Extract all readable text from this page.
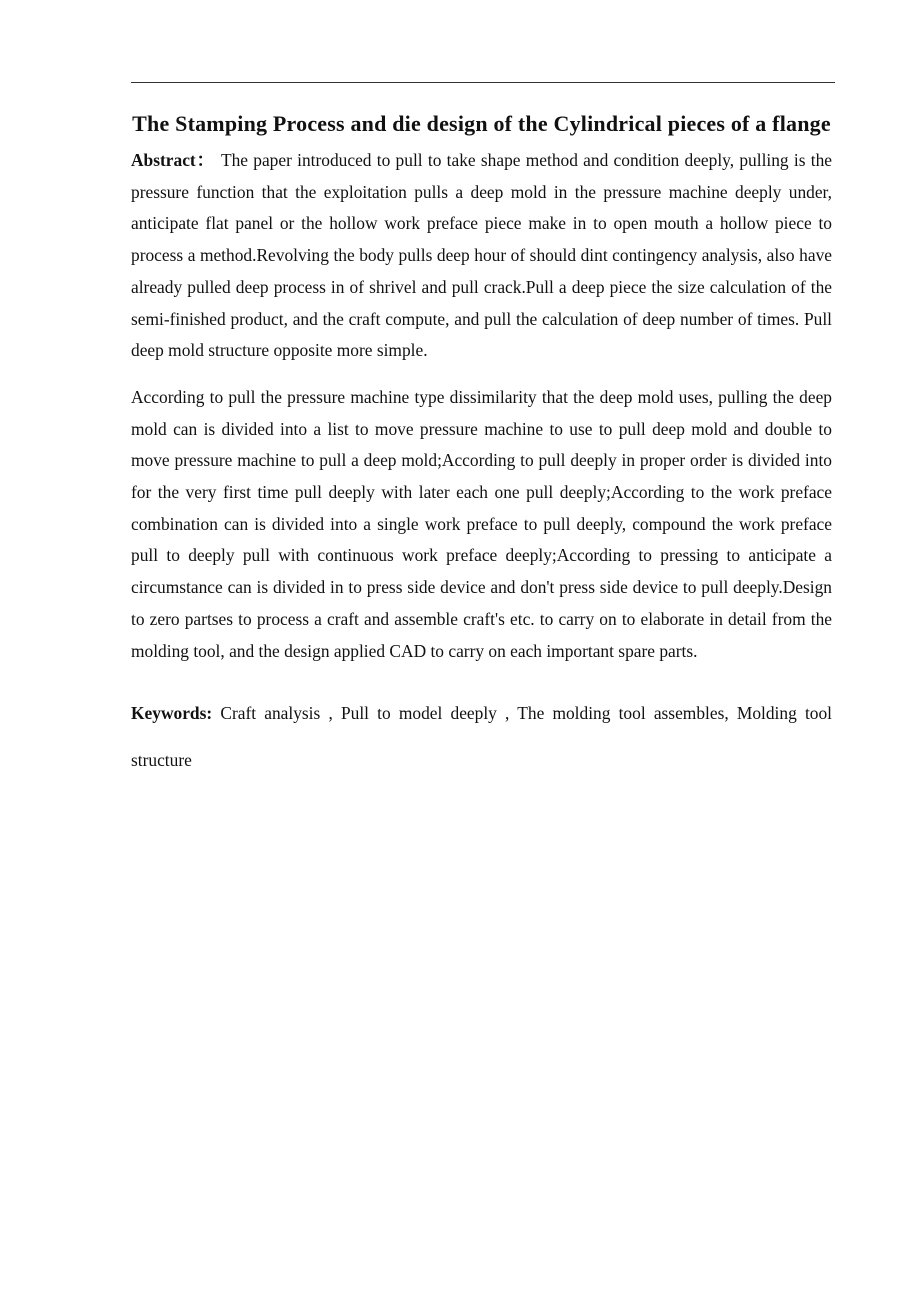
The Stamping Process and die design of the Cylindrical pieces of a flange

Abstract： The paper introduced to pull to take shape method and condition deeply, pulling is the pressure function that the exploitation pulls a deep mold in the pressure machine deeply under, anticipate flat panel or the hollow work preface piece make in to open mouth a hollow piece to process a method.Revolving the body pulls deep hour of should dint contingency analysis, also have already pulled deep process in of shrivel and pull crack.Pull a deep piece the size calculation of the semi-finished product, and the craft compute, and pull the calculation of deep number of times. Pull deep mold structure opposite more simple.

According to pull the pressure machine type dissimilarity that the deep mold uses, pulling the deep mold can is divided into a list to move pressure machine to use to pull deep mold and double to move pressure machine to pull a deep mold;According to pull deeply in proper order is divided into for the very first time pull deeply with later each one pull deeply;According to the work preface combination can is divided into a single work preface to pull deeply, compound the work preface pull to deeply pull with continuous work preface deeply;According to pressing to anticipate a circumstance can is divided in to press side device and don't press side device to pull deeply.Design to zero partses to process a craft and assemble craft's etc. to carry on to elaborate in detail from the molding tool, and the design applied CAD to carry on each important spare parts.

Keywords: Craft analysis , Pull to model deeply , The molding tool assembles, Molding tool structure
